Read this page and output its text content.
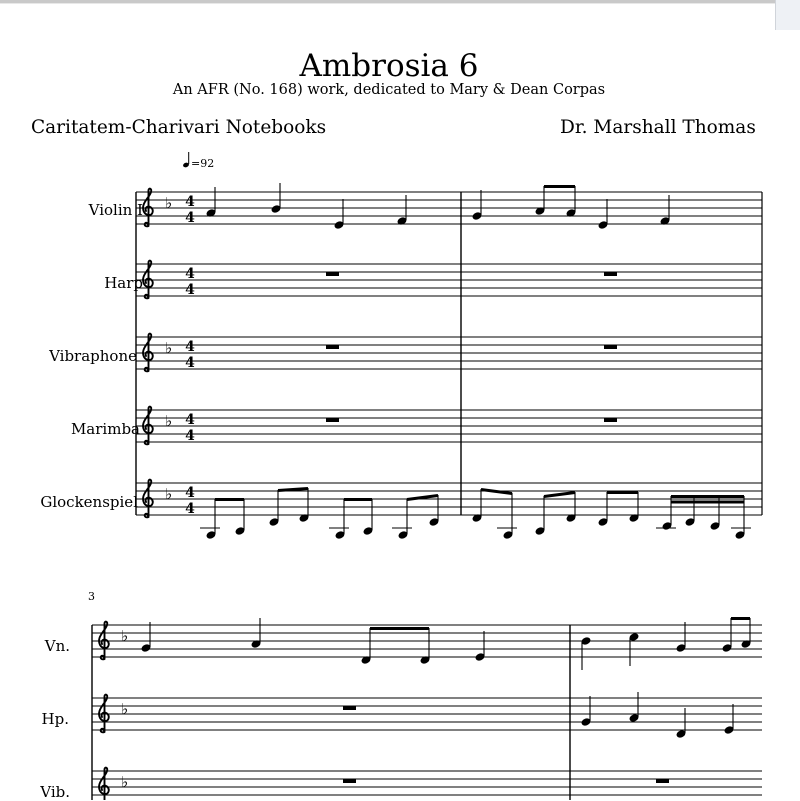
Ambrosia 6
An AFR (No. 168) work, dedicated to Mary & Dean Corpas
Caritatem-Charivari Notebooks	Dr. Marshall Thomas
Violin I
Harp
Vibraphone
Marimba
Glockenspiel
3
Vn.
Hp.
Vib.
=92
♭
♭
♭
♭
4
4
4
4
4
4
4
4
4
4
♭
♭
♭
